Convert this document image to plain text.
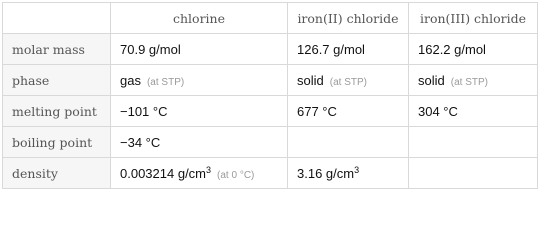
	chlorine	iron(II) chloride	iron(III) chloride
molar mass	70.9 g/mol	126.7 g/mol	162.2 g/mol
phase	gas (at STP)	solid (at STP)	solid (at STP)
melting point	−101 °C	677 °C	304 °C
boiling point	−34 °C		
density	0.003214 $g/cm^3$ (at 0 °C)	3.16 $g/cm^3$	
